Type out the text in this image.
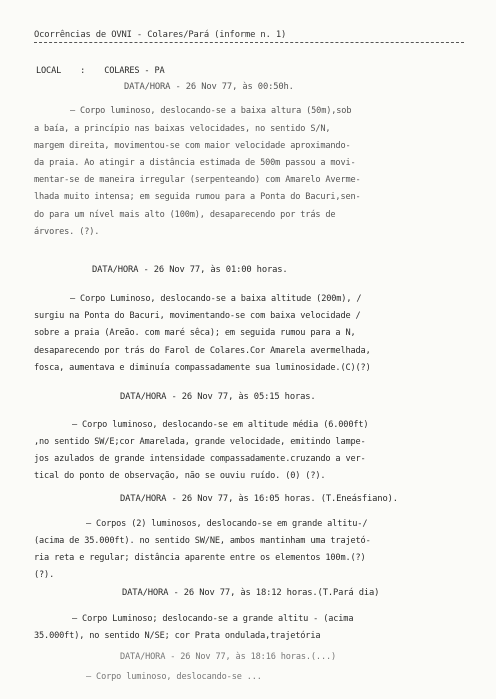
Ocorrências de OVNI - Colares/Pará (informe n. 1)
LOCAL : COLARES - PA
DATA/HORA - 26 Nov 77, às 00:50h.
– Corpo luminoso, deslocando-se a baixa altura (50m),sob
a baía, a princípio nas baixas velocidades, no sentido S/N,
margem direita, movimentou-se com maior velocidade aproximando-
da praia. Ao atingir a distância estimada de 500m passou a movi-
mentar-se de maneira irregular (serpenteando) com Amarelo Averme-
lhada muito intensa; em seguida rumou para a Ponta do Bacuri,sen-
do para um nível mais alto (100m), desaparecendo por trás de
árvores. (?).
DATA/HORA - 26 Nov 77, às 01:00 horas.
– Corpo Luminoso, deslocando-se a baixa altitude (200m), /
surgiu na Ponta do Bacuri, movimentando-se com baixa velocidade /
sobre a praia (Areão. com maré sêca); em seguida rumou para a N,
desaparecendo por trás do Farol de Colares.Cor Amarela avermelhada,
fosca, aumentava e diminuía compassadamente sua luminosidade.(C)(?)
DATA/HORA - 26 Nov 77, às 05:15 horas.
– Corpo luminoso, deslocando-se em altitude média (6.000ft)
,no sentido SW/E;cor Amarelada, grande velocidade, emitindo lampe-
jos azulados de grande intensidade compassadamente.cruzando a ver-
tical do ponto de observação, não se ouviu ruído. (0) (?).
DATA/HORA - 26 Nov 77, às 16:05 horas. (T.Eneásfiano).
– Corpos (2) luminosos, deslocando-se em grande altitu-/
(acima de 35.000ft). no sentido SW/NE, ambos mantinham uma trajetó-
ria reta e regular; distância aparente entre os elementos 100m.(?)
(?).
DATA/HORA - 26 Nov 77, às 18:12 horas.(T.Pará dia)
– Corpo Luminoso; deslocando-se a grande altitu - (acima
35.000ft), no sentido N/SE; cor Prata ondulada,trajetória
DATA/HORA - 26 Nov 77, às 18:16 horas.(...)
– Corpo luminoso, deslocando-se ...
